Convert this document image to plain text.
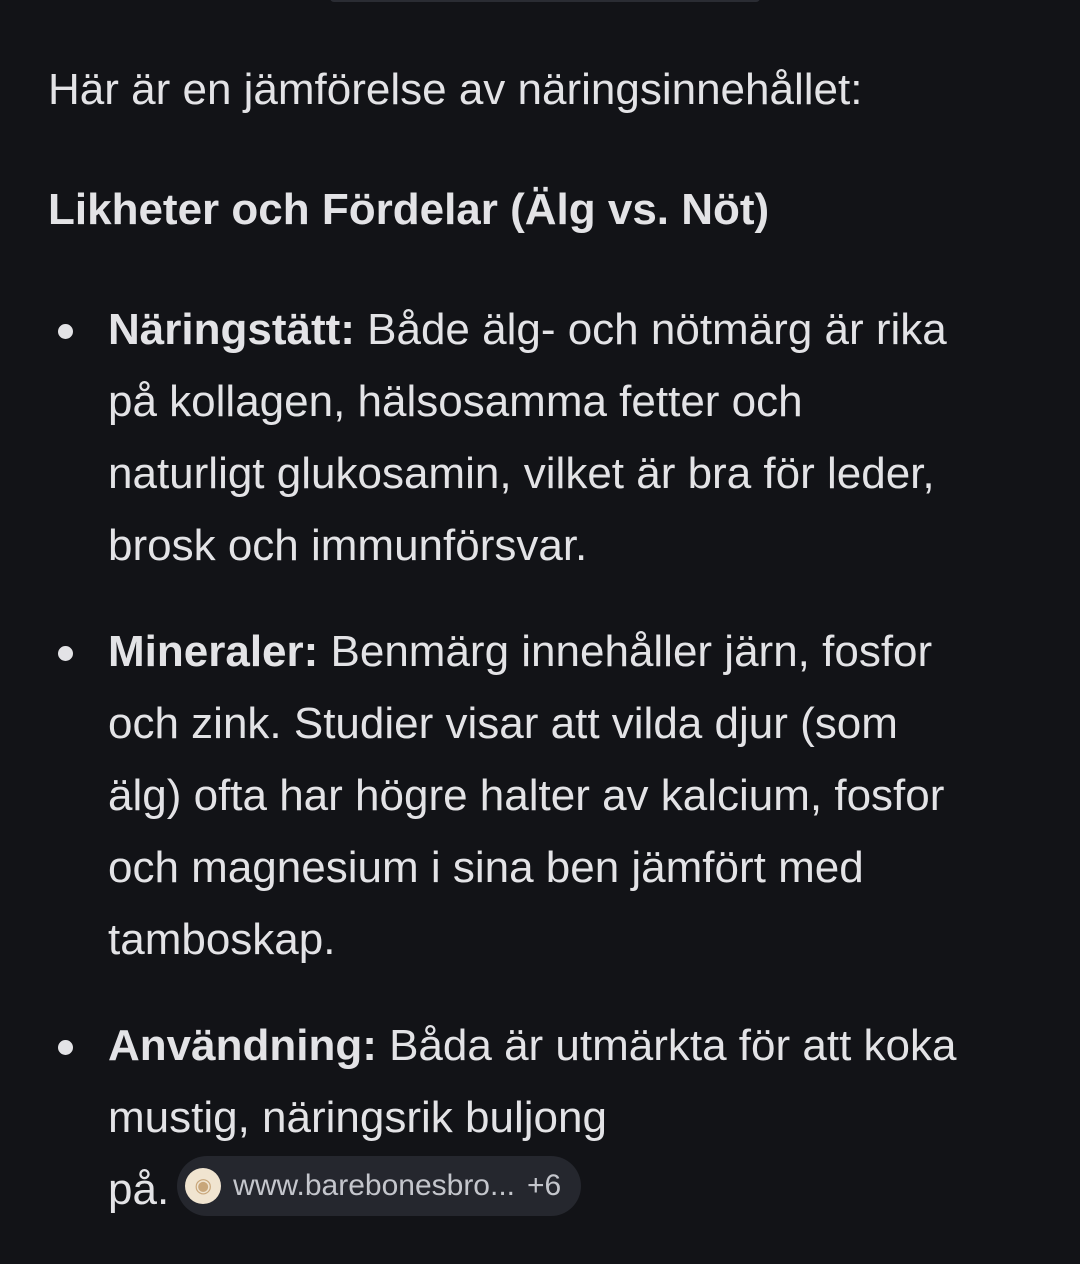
Här är en jämförelse av näringsinnehållet:

Likheter och Fördelar (Älg vs. Nöt)

Näringstätt: Både älg- och nötmärg är rika
på kollagen, hälsosamma fetter och
naturligt glukosamin, vilket är bra för leder,
brosk och immunförsvar.
Mineraler: Benmärg innehåller järn, fosfor
och zink. Studier visar att vilda djur (som
älg) ofta har högre halter av kalcium, fosfor
och magnesium i sina ben jämfört med
tamboskap.
Användning: Båda är utmärkta för att koka
mustig, näringsrik buljong
på.	◉ www.barebonesbro... +6
